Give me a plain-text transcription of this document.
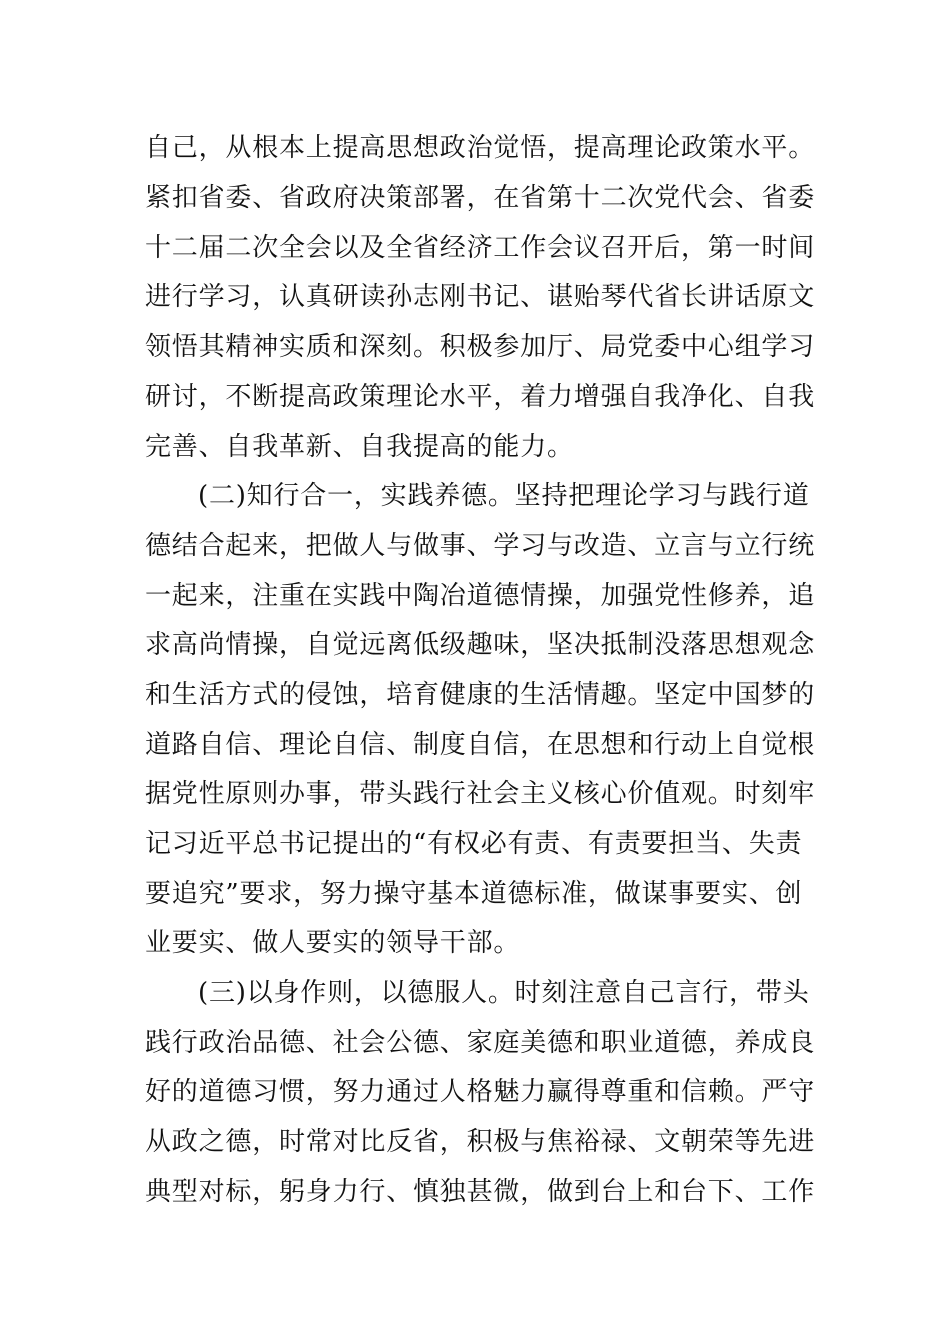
自己，从根本上提高思想政治觉悟，提高理论政策水平。
紧扣省委、省政府决策部署，在省第十二次党代会、省委
十二届二次全会以及全省经济工作会议召开后，第一时间
进行学习，认真研读孙志刚书记、谌贻琴代省长讲话原文
领悟其精神实质和深刻。积极参加厅、局党委中心组学习
研讨，不断提高政策理论水平，着力增强自我净化、自我
完善、自我革新、自我提高的能力。
(二)知行合一，实践养德。坚持把理论学习与践行道
德结合起来，把做人与做事、学习与改造、立言与立行统
一起来，注重在实践中陶冶道德情操，加强党性修养，追
求高尚情操，自觉远离低级趣味，坚决抵制没落思想观念
和生活方式的侵蚀，培育健康的生活情趣。坚定中国梦的
道路自信、理论自信、制度自信，在思想和行动上自觉根
据党性原则办事，带头践行社会主义核心价值观。时刻牢
记习近平总书记提出的“有权必有责、有责要担当、失责
要追究”要求，努力操守基本道德标准，做谋事要实、创
业要实、做人要实的领导干部。
(三)以身作则，以德服人。时刻注意自己言行，带头
践行政治品德、社会公德、家庭美德和职业道德，养成良
好的道德习惯，努力通过人格魅力赢得尊重和信赖。严守
从政之德，时常对比反省，积极与焦裕禄、文朝荣等先进
典型对标，躬身力行、慎独甚微，做到台上和台下、工作
